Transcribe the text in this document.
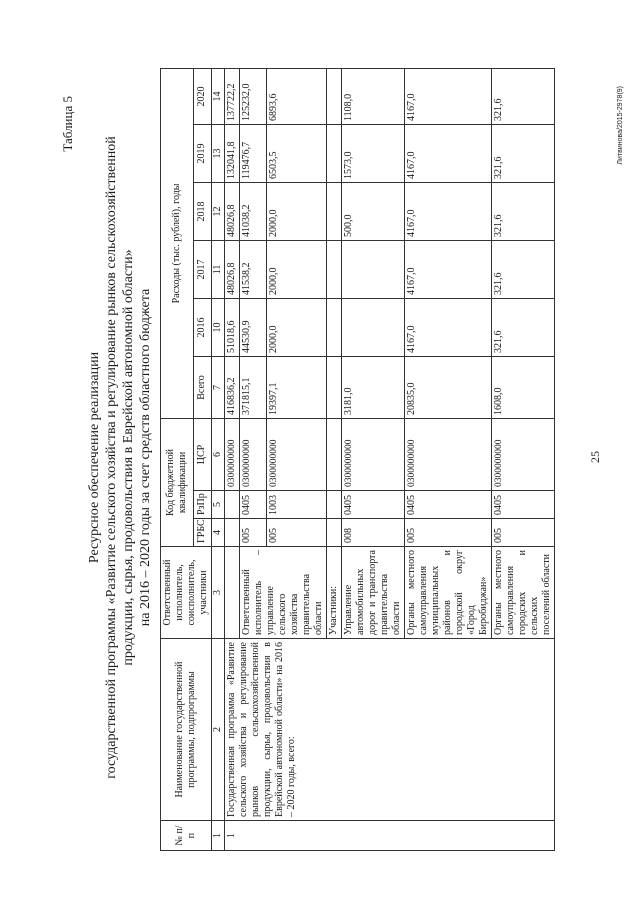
25
Таблица 5
Ресурсное обеспечение реализации государственной программы «Развитие сельского хозяйства и регулирование рынков сельскохозяйственной продукции, сырья, продовольствия в Еврейской автономной области» на 2016 – 2020 годы за счет средств областного бюджета
№ п/п	Наименование государственной программы, подпрограммы	Ответственный исполнитель, соисполнитель, участники	Код бюджетной квалификации			Расходы (тыс. рублей), годы					
			ГРБС	РзПр	ЦСР	Всего	2016	2017	2018	2019	2020
1	2	3	4	5	6	7	10	11	12	13	14
1	Государственная программа «Развитие сельского хозяйства и регулирование рынков сельскохозяйственной продукции, сырья, продовольствия в Еврейской автономной области» на 2016 – 2020 годы, всего:				0300000000	416836,2	51018,6	48026,8	48026,8	132041,8	137722,2
		Ответственный исполнитель – управление сельского хозяйства правительства области	005	0405	0300000000	371815,1	44530,9	41538,2	41038,2	119476,7	125232,0
			005	1003	0300000000	19397,1	2000,0	2000,0	2000,0	6503,5	6893,6
		Участники:									
		Управление автомобильных дорог и транспорта правительства области	008	0405	0300000000	3181,0			500,0	1573,0	1108,0
		Органы местного самоуправления муниципальных районов и городской округ «Город Биробиджан»	005	0405	0300000000	20835,0	4167,0	4167,0	4167,0	4167,0	4167,0
		Органы местного самоуправления городских и сельских поселений области	005	0405	0300000000	1608,0	321,6	321,6	321,6	321,6	321,6	Литвинова/2015-2978(9)
